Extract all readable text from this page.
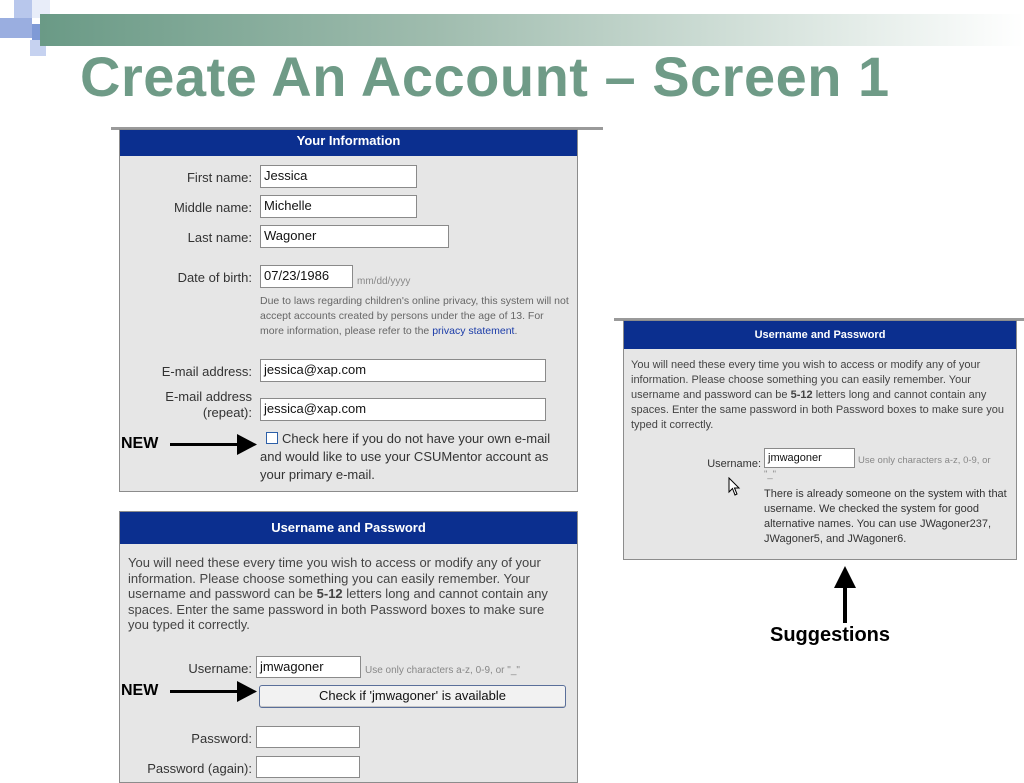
Create An Account – Screen 1
Your Information
First name: Jessica
Middle name: Michelle
Last name: Wagoner
Date of birth: 07/23/1986	mm/dd/yyyy
Due to laws regarding children's online privacy, this system will not accept accounts created by persons under the age of 13. For more information, please refer to the privacy statement.
E-mail address: jessica@xap.com
E-mail address
(repeat): jessica@xap.com
Check here if you do not have your own e-mail and would like to use your CSUMentor account as your primary e-mail.
Username and Password
You will need these every time you wish to access or modify any of your information. Please choose something you can easily remember. Your username and password can be 5-12 letters long and cannot contain any spaces. Enter the same password in both Password boxes to make sure you typed it correctly.
Username: jmwagoner	Use only characters a-z, 0-9, or "_"
Check if 'jmwagoner' is available
Password:
Password (again):
Username and Password
You will need these every time you wish to access or modify any of your information. Please choose something you can easily remember. Your username and password can be 5-12 letters long and cannot contain any spaces. Enter the same password in both Password boxes to make sure you typed it correctly.
Username: jmwagoner	Use only characters a-z, 0-9, or
"_"
There is already someone on the system with that username. We checked the system for good alternative names. You can use JWagoner237, JWagoner5, and JWagoner6.
NEW
NEW
Suggestions
